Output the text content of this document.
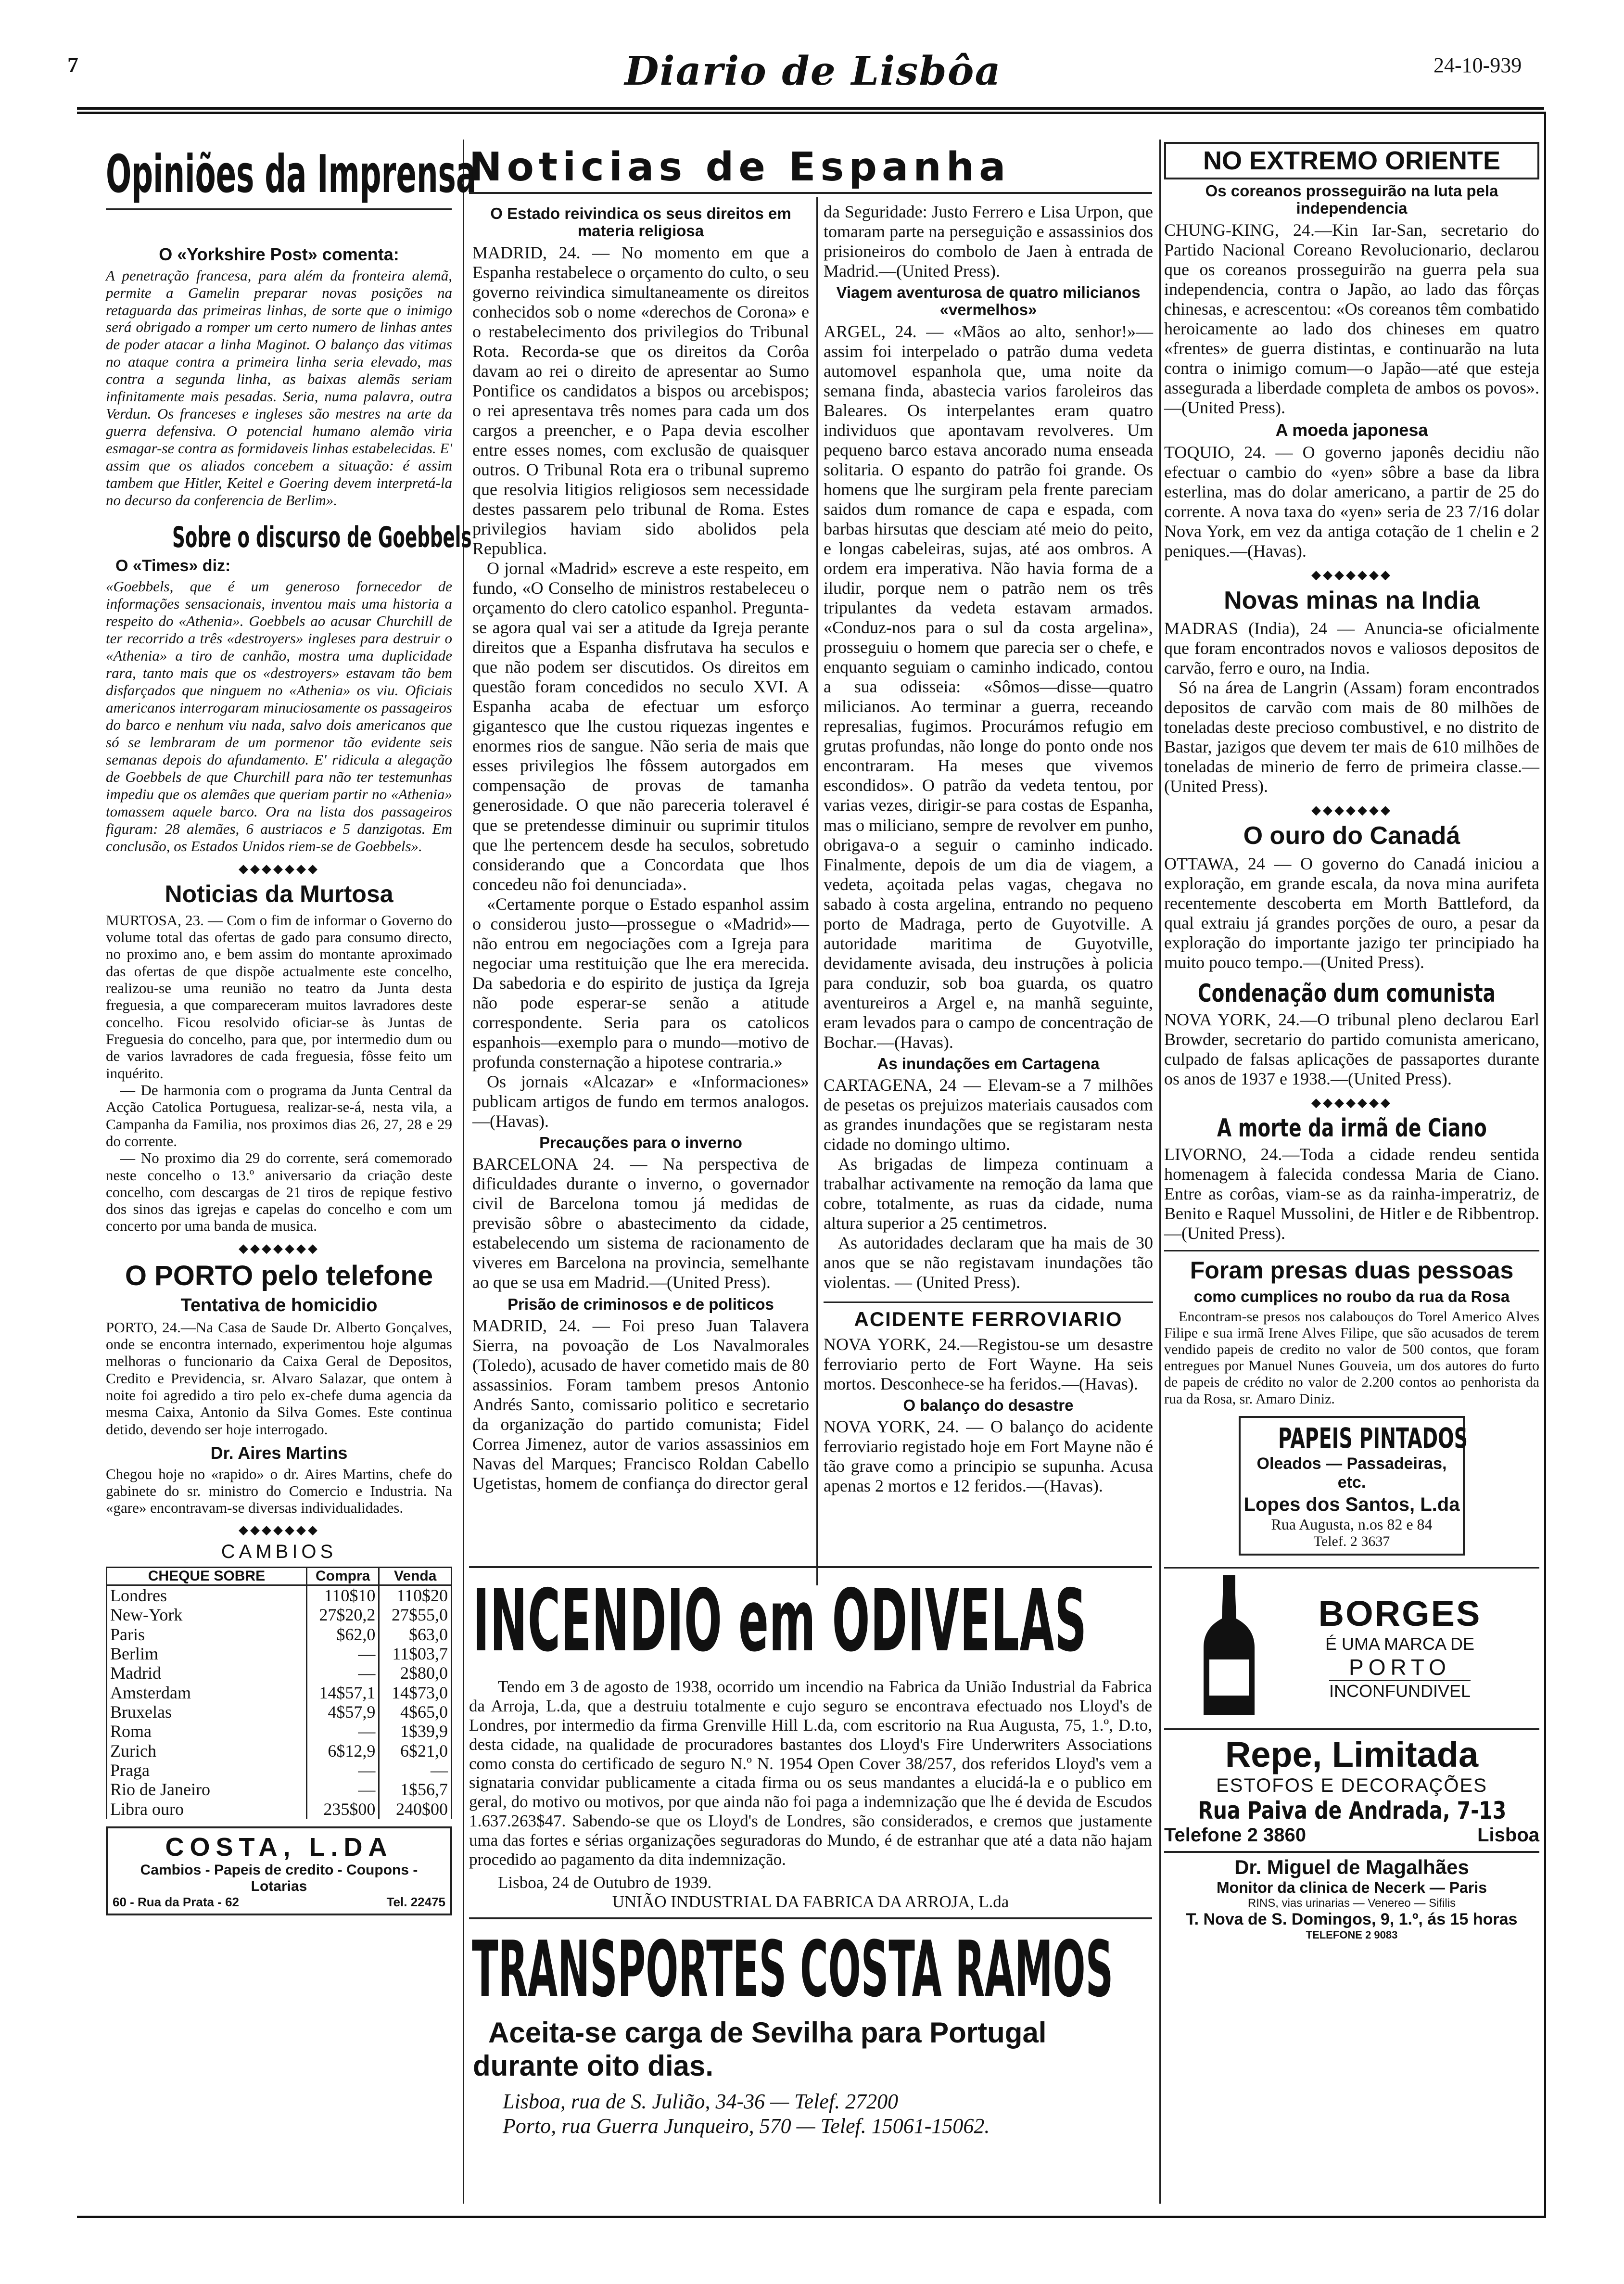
7	Diario de Lisbôa	24-10-939
Opiniões da Imprensa
O «Yorkshire Post» comenta:

A penetração francesa, para além da fronteira alemã, permite a Gamelin preparar novas posições na retaguarda das primeiras linhas, de sorte que o inimigo será obrigado a romper um certo numero de linhas antes de poder atacar a linha Maginot. O balanço das vitimas no ataque contra a primeira linha seria elevado, mas contra a segunda linha, as baixas alemãs seriam infinitamente mais pesadas. Seria, numa palavra, outra Verdun. Os franceses e ingleses são mestres na arte da guerra defensiva. O potencial humano alemão viria esmagar-se contra as formidaveis linhas estabelecidas. E' assim que os aliados concebem a situação: é assim tambem que Hitler, Keitel e Goering devem interpretá-la no decurso da conferencia de Berlim».

Sobre o discurso de Goebbels
O «Times» diz:

«Goebbels, que é um generoso fornecedor de informações sensacionais, inventou mais uma historia a respeito do «Athenia». Goebbels ao acusar Churchill de ter recorrido a três «destroyers» ingleses para destruir o «Athenia» a tiro de canhão, mostra uma duplicidade rara, tanto mais que os «destroyers» estavam tão bem disfarçados que ninguem no «Athenia» os viu. Oficiais americanos interrogaram minuciosamente os passageiros do barco e nenhum viu nada, salvo dois americanos que só se lembraram de um pormenor tão evidente seis semanas depois do afundamento. E' ridicula a alegação de Goebbels de que Churchill para não ter testemunhas impediu que os alemães que queriam partir no «Athenia» tomassem aquele barco. Ora na lista dos passageiros figuram: 28 alemães, 6 austriacos e 5 danzigotas. Em conclusão, os Estados Unidos riem-se de Goebbels».

◆◆◆◆◆◆◆
Noticias da Murtosa

MURTOSA, 23. — Com o fim de informar o Governo do volume total das ofertas de gado para consumo directo, no proximo ano, e bem assim do montante aproximado das ofertas de que dispõe actualmente este concelho, realizou-se uma reunião no teatro da Junta desta freguesia, a que compareceram muitos lavradores deste concelho. Ficou resolvido oficiar-se às Juntas de Freguesia do concelho, para que, por intermedio dum ou de varios lavradores de cada freguesia, fôsse feito um inquérito.

— De harmonia com o programa da Junta Central da Acção Catolica Portuguesa, realizar-se-á, nesta vila, a Campanha da Familia, nos proximos dias 26, 27, 28 e 29 do corrente.

— No proximo dia 29 do corrente, será comemorado neste concelho o 13.º aniversario da criação deste concelho, com descargas de 21 tiros de repique festivo dos sinos das igrejas e capelas do concelho e com um concerto por uma banda de musica.

◆◆◆◆◆◆◆
O PORTO pelo telefone
Tentativa de homicidio

PORTO, 24.—Na Casa de Saude Dr. Alberto Gonçalves, onde se encontra internado, experimentou hoje algumas melhoras o funcionario da Caixa Geral de Depositos, Credito e Previdencia, sr. Alvaro Salazar, que ontem à noite foi agredido a tiro pelo ex-chefe duma agencia da mesma Caixa, Antonio da Silva Gomes. Este continua detido, devendo ser hoje interrogado.

Dr. Aires Martins

Chegou hoje no «rapido» o dr. Aires Martins, chefe do gabinete do sr. ministro do Comercio e Industria. Na «gare» encontravam-se diversas individualidades.

◆◆◆◆◆◆◆
CAMBIOS
CHEQUE SOBRE	Compra	Venda
Londres	110$10	110$20
New-York	27$20,2	27$55,0
Paris	$62,0	$63,0
Berlim	—	11$03,7
Madrid	—	2$80,0
Amsterdam	14$57,1	14$73,0
Bruxelas	4$57,9	4$65,0
Roma	—	1$39,9
Zurich	6$12,9	6$21,0
Praga	—	—
Rio de Janeiro	—	1$56,7
Libra ouro	235$00	240$00
COSTA, L.DA
Cambios - Papeis de credito - Coupons - Lotarias
60 - Rua da Prata - 62	Tel. 22475
Noticias de Espanha
O Estado reivindica os seus direitos em materia religiosa

MADRID, 24. — No momento em que a Espanha restabelece o orçamento do culto, o seu governo reivindica simultaneamente os direitos conhecidos sob o nome «derechos de Corona» e o restabelecimento dos privilegios do Tribunal Rota. Recorda-se que os direitos da Corôa davam ao rei o direito de apresentar ao Sumo Pontifice os candidatos a bispos ou arcebispos; o rei apresentava três nomes para cada um dos cargos a preencher, e o Papa devia escolher entre esses nomes, com exclusão de quaisquer outros. O Tribunal Rota era o tribunal supremo que resolvia litigios religiosos sem necessidade destes passarem pelo tribunal de Roma. Estes privilegios haviam sido abolidos pela Republica.

O jornal «Madrid» escreve a este respeito, em fundo, «O Conselho de ministros restabeleceu o orçamento do clero catolico espanhol. Pregunta-se agora qual vai ser a atitude da Igreja perante direitos que a Espanha disfrutava ha seculos e que não podem ser discutidos. Os direitos em questão foram concedidos no seculo XVI. A Espanha acaba de efectuar um esforço gigantesco que lhe custou riquezas ingentes e enormes rios de sangue. Não seria de mais que esses privilegios lhe fôssem autorgados em compensação de provas de tamanha generosidade. O que não pareceria toleravel é que se pretendesse diminuir ou suprimir titulos que lhe pertencem desde ha seculos, sobretudo considerando que a Concordata que lhos concedeu não foi denunciada».

«Certamente porque o Estado espanhol assim o considerou justo—prossegue o «Madrid»—não entrou em negociações com a Igreja para negociar uma restituição que lhe era merecida. Da sabedoria e do espirito de justiça da Igreja não pode esperar-se senão a atitude correspondente. Seria para os catolicos espanhois—exemplo para o mundo—motivo de profunda consternação a hipotese contraria.»

Os jornais «Alcazar» e «Informaciones» publicam artigos de fundo em termos analogos.—(Havas).

Precauções para o inverno

BARCELONA 24. — Na perspectiva de dificuldades durante o inverno, o governador civil de Barcelona tomou já medidas de previsão sôbre o abastecimento da cidade, estabelecendo um sistema de racionamento de viveres em Barcelona na provincia, semelhante ao que se usa em Madrid.—(United Press).

Prisão de criminosos e de politicos

MADRID, 24. — Foi preso Juan Talavera Sierra, na povoação de Los Navalmorales (Toledo), acusado de haver cometido mais de 80 assassinios. Foram tambem presos Antonio Andrés Santo, comissario politico e secretario da organização do partido comunista; Fidel Correa Jimenez, autor de varios assassinios em Navas del Marques; Francisco Roldan Cabello Ugetistas, homem de confiança do director geral

da Seguridade: Justo Ferrero e Lisa Urpon, que tomaram parte na perseguição e assassinios dos prisioneiros do combolo de Jaen à entrada de Madrid.—(United Press).

Viagem aventurosa de quatro milicianos «vermelhos»

ARGEL, 24. — «Mãos ao alto, senhor!»—assim foi interpelado o patrão duma vedeta automovel espanhola que, uma noite da semana finda, abastecia varios faroleiros das Baleares. Os interpelantes eram quatro individuos que apontavam revolveres. Um pequeno barco estava ancorado numa enseada solitaria. O espanto do patrão foi grande. Os homens que lhe surgiram pela frente pareciam saidos dum romance de capa e espada, com barbas hirsutas que desciam até meio do peito, e longas cabeleiras, sujas, até aos ombros. A ordem era imperativa. Não havia forma de a iludir, porque nem o patrão nem os três tripulantes da vedeta estavam armados. «Conduz-nos para o sul da costa argelina», prosseguiu o homem que parecia ser o chefe, e enquanto seguiam o caminho indicado, contou a sua odisseia: «Sômos—disse—quatro milicianos. Ao terminar a guerra, receando represalias, fugimos. Procurámos refugio em grutas profundas, não longe do ponto onde nos encontraram. Ha meses que vivemos escondidos». O patrão da vedeta tentou, por varias vezes, dirigir-se para costas de Espanha, mas o miliciano, sempre de revolver em punho, obrigava-o a seguir o caminho indicado. Finalmente, depois de um dia de viagem, a vedeta, açoitada pelas vagas, chegava no sabado à costa argelina, entrando no pequeno porto de Madraga, perto de Guyotville. A autoridade maritima de Guyotville, devidamente avisada, deu instruções à policia para conduzir, sob boa guarda, os quatro aventureiros a Argel e, na manhã seguinte, eram levados para o campo de concentração de Bochar.—(Havas).

As inundações em Cartagena

CARTAGENA, 24 — Elevam-se a 7 milhões de pesetas os prejuizos materiais causados com as grandes inundações que se registaram nesta cidade no domingo ultimo.

As brigadas de limpeza continuam a trabalhar activamente na remoção da lama que cobre, totalmente, as ruas da cidade, numa altura superior a 25 centimetros.

As autoridades declaram que ha mais de 30 anos que se não registavam inundações tão violentas. — (United Press).

ACIDENTE FERROVIARIO

NOVA YORK, 24.—Registou-se um desastre ferroviario perto de Fort Wayne. Ha seis mortos. Desconhece-se ha feridos.—(Havas).

O balanço do desastre

NOVA YORK, 24. — O balanço do acidente ferroviario registado hoje em Fort Mayne não é tão grave como a principio se supunha. Acusa apenas 2 mortos e 12 feridos.—(Havas).

INCENDIO em ODIVELAS

Tendo em 3 de agosto de 1938, ocorrido um incendio na Fabrica da União Industrial da Fabrica da Arroja, L.da, que a destruiu totalmente e cujo seguro se encontrava efectuado nos Lloyd's de Londres, por intermedio da firma Grenville Hill L.da, com escritorio na Rua Augusta, 75, 1.º, D.to, desta cidade, na qualidade de procuradores bastantes dos Lloyd's Fire Underwriters Associations como consta do certificado de seguro N.º N. 1954 Open Cover 38/257, dos referidos Lloyd's vem a signataria convidar publicamente a citada firma ou os seus mandantes a elucidá-la e o publico em geral, do motivo ou motivos, por que ainda não foi paga a indemnização que lhe é devida de Escudos 1.637.263$47. Sabendo-se que os Lloyd's de Londres, são considerados, e cremos que justamente uma das fortes e sérias organizações seguradoras do Mundo, é de estranhar que até a data não hajam procedido ao pagamento da dita indemnização.

Lisboa, 24 de Outubro de 1939.
UNIÃO INDUSTRIAL DA FABRICA DA ARROJA, L.da
TRANSPORTES COSTA RAMOS
Aceita-se carga de Sevilha para Portugal
durante oito dias.
Lisboa, rua de S. Julião, 34-36 — Telef. 27200
Porto, rua Guerra Junqueiro, 570 — Telef. 15061-15062.
NO EXTREMO ORIENTE
Os coreanos prosseguirão na luta pela independencia

CHUNG-KING, 24.—Kin Iar-San, secretario do Partido Nacional Coreano Revolucionario, declarou que os coreanos prosseguirão na guerra pela sua independencia, contra o Japão, ao lado das fôrças chinesas, e acrescentou: «Os coreanos têm combatido heroicamente ao lado dos chineses em quatro «frentes» de guerra distintas, e continuarão na luta contra o inimigo comum—o Japão—até que esteja assegurada a liberdade completa de ambos os povos».—(United Press).

A moeda japonesa

TOQUIO, 24. — O governo japonês decidiu não efectuar o cambio do «yen» sôbre a base da libra esterlina, mas do dolar americano, a partir de 25 do corrente. A nova taxa do «yen» seria de 23 7/16 dolar Nova York, em vez da antiga cotação de 1 chelin e 2 peniques.—(Havas).

◆◆◆◆◆◆◆
Novas minas na India

MADRAS (India), 24 — Anuncia-se oficialmente que foram encontrados novos e valiosos depositos de carvão, ferro e ouro, na India.

Só na área de Langrin (Assam) foram encontrados depositos de carvão com mais de 80 milhões de toneladas deste precioso combustivel, e no distrito de Bastar, jazigos que devem ter mais de 610 milhões de toneladas de minerio de ferro de primeira classe.—(United Press).

◆◆◆◆◆◆◆
O ouro do Canadá

OTTAWA, 24 — O governo do Canadá iniciou a exploração, em grande escala, da nova mina aurifeta recentemente descoberta em Morth Battleford, da qual extraiu já grandes porções de ouro, a pesar da exploração do importante jazigo ter principiado ha muito pouco tempo.—(United Press).

Condenação dum comunista

NOVA YORK, 24.—O tribunal pleno declarou Earl Browder, secretario do partido comunista americano, culpado de falsas aplicações de passaportes durante os anos de 1937 e 1938.—(United Press).

◆◆◆◆◆◆◆
A morte da irmã de Ciano

LIVORNO, 24.—Toda a cidade rendeu sentida homenagem à falecida condessa Maria de Ciano. Entre as corôas, viam-se as da rainha-imperatriz, de Benito e Raquel Mussolini, de Hitler e de Ribbentrop.—(United Press).

Foram presas duas pessoas
como cumplices no roubo da rua da Rosa

Encontram-se presos nos calabouços do Torel Americo Alves Filipe e sua irmã Irene Alves Filipe, que são acusados de terem vendido papeis de credito no valor de 500 contos, que foram entregues por Manuel Nunes Gouveia, um dos autores do furto de papeis de crédito no valor de 2.200 contos ao penhorista da rua da Rosa, sr. Amaro Diniz.

PAPEIS PINTADOS
Oleados — Passadeiras, etc.
Lopes dos Santos, L.da
Rua Augusta, n.os 82 e 84
Telef. 2 3637
BORGES
É UMA MARCA DE
PORTO
INCONFUNDIVEL
Repe, Limitada
ESTOFOS E DECORAÇÕES
Rua Paiva de Andrada, 7-13
Telefone 2 3860	Lisboa
Dr. Miguel de Magalhães
Monitor da clinica de Necerk — Paris
RINS, vias urinarias — Venereo — Sifilis
T. Nova de S. Domingos, 9, 1.º, ás 15 horas
TELEFONE 2 9083
